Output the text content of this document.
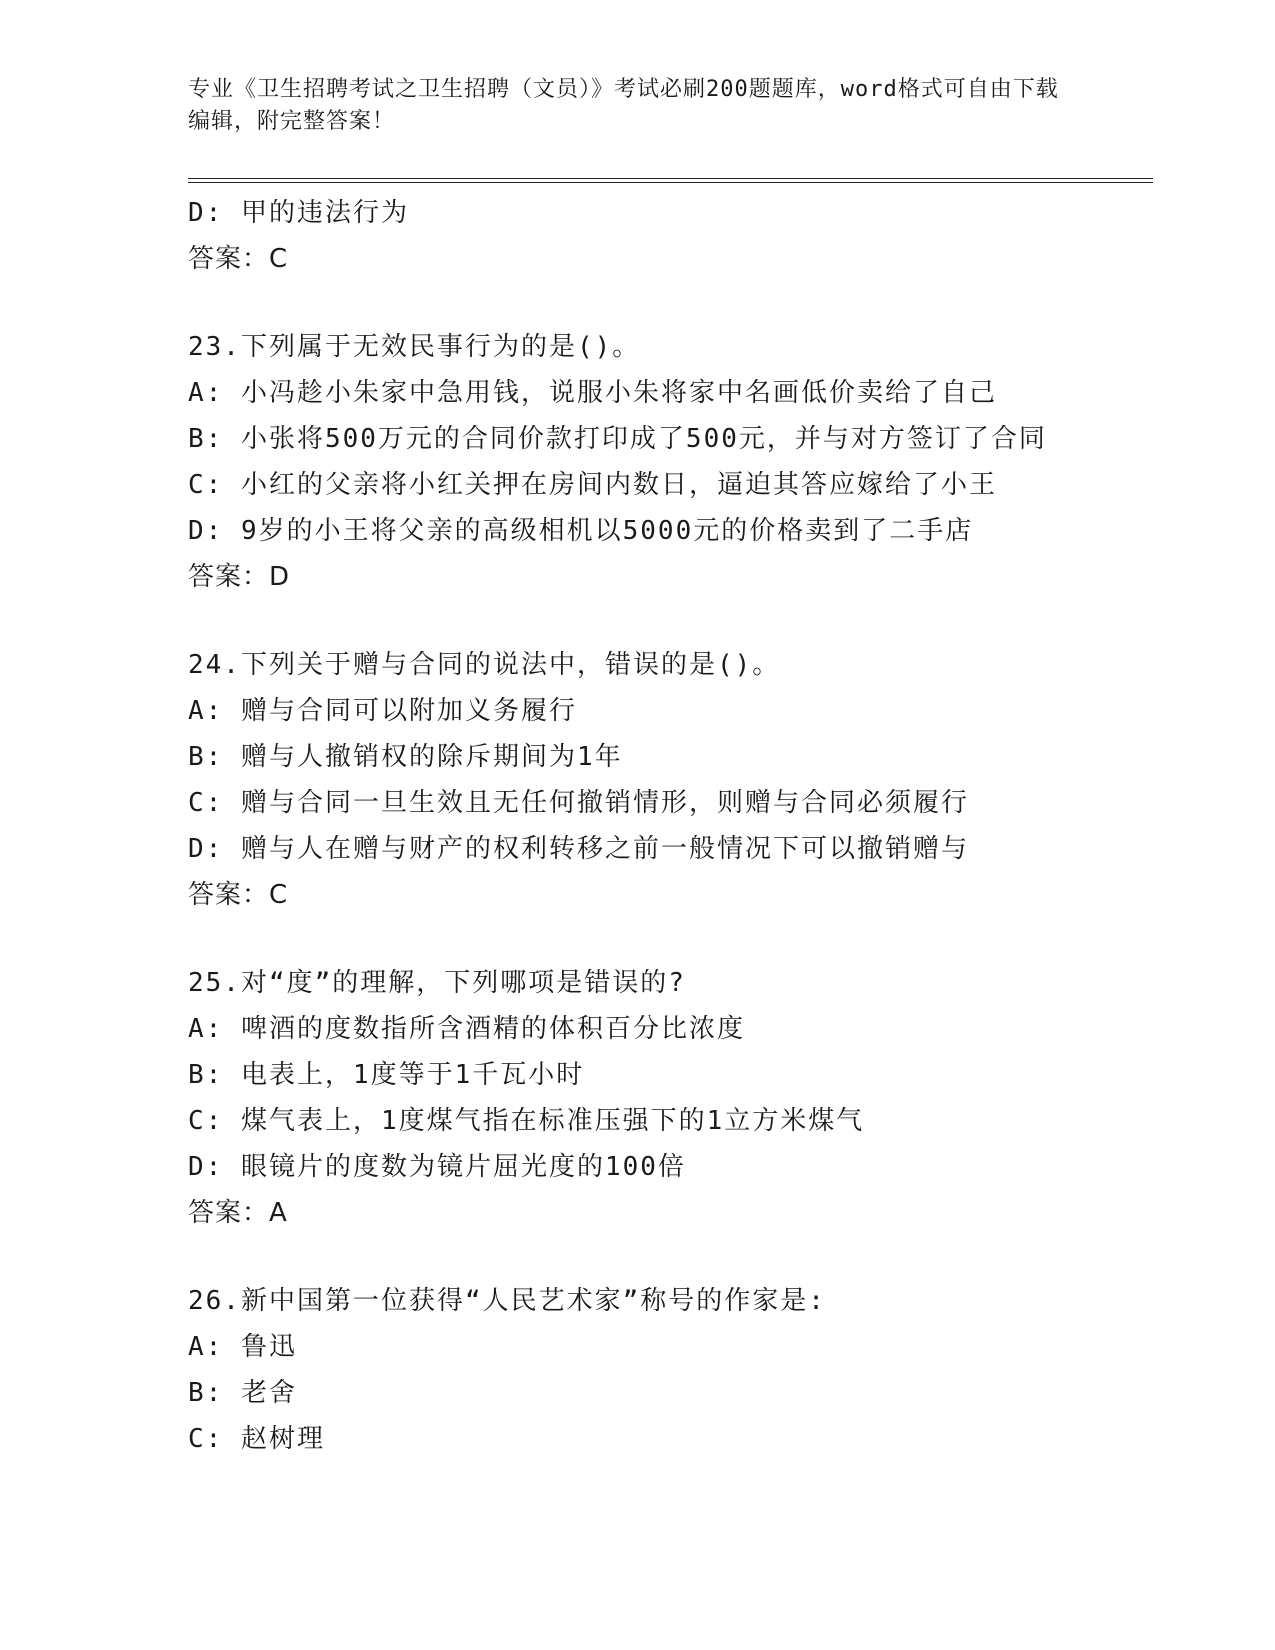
专业《卫生招聘考试之卫生招聘（文员）》考试必刷200题题库，word格式可自由下载编辑，附完整答案！

D: 甲的违法行为
答案：C
23.下列属于无效民事行为的是()。
A: 小冯趁小朱家中急用钱，说服小朱将家中名画低价卖给了自己
B: 小张将500万元的合同价款打印成了500元，并与对方签订了合同
C: 小红的父亲将小红关押在房间内数日，逼迫其答应嫁给了小王
D: 9岁的小王将父亲的高级相机以5000元的价格卖到了二手店
答案：D
24.下列关于赠与合同的说法中，错误的是()。
A: 赠与合同可以附加义务履行
B: 赠与人撤销权的除斥期间为1年
C: 赠与合同一旦生效且无任何撤销情形，则赠与合同必须履行
D: 赠与人在赠与财产的权利转移之前一般情况下可以撤销赠与
答案：C
25.对“度”的理解，下列哪项是错误的?
A: 啤酒的度数指所含酒精的体积百分比浓度
B: 电表上，1度等于1千瓦小时
C: 煤气表上，1度煤气指在标准压强下的1立方米煤气
D: 眼镜片的度数为镜片屈光度的100倍
答案：A
26.新中国第一位获得“人民艺术家”称号的作家是:
A: 鲁迅
B: 老舍
C: 赵树理
